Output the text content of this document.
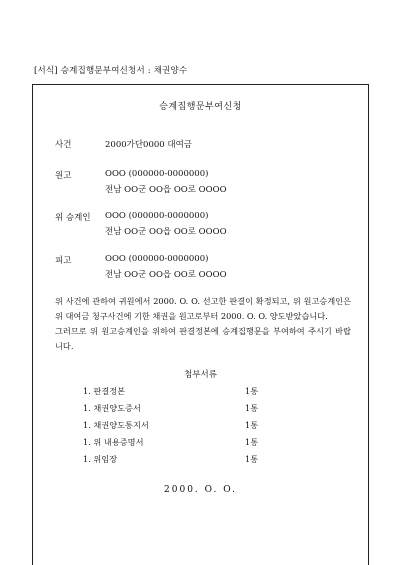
[서식] 승계집행문부여신청서 : 채권양수
승계집행문부여신청
사건	2000가단0000 대여금
원고	OOO (000000-0000000)
전남 OO군 OO읍 OO로 OOOO
위 승계인 OOO (000000-0000000)
전남 OO군 OO읍 OO로 OOOO
피고	OOO (000000-0000000)
전남 OO군 OO읍 OO로 OOOO

위 사건에 관하여 귀원에서 2000. O. O. 선고한 판결이 확정되고, 위 원고승계인은 위 대여금 청구사건에 기한 채권을 원고로부터 2000. O. O. 양도받았습니다.

그러므로 위 원고승계인을 위하여 판결정본에 승계집행문을 부여하여 주시기 바랍니다.

첨부서류
1. 판결정본	1통
1. 채권양도증서	1통
1. 채권양도통지서	1통
1. 위 내용증명서	1통
1. 위임장	1통
2000. O. O.
